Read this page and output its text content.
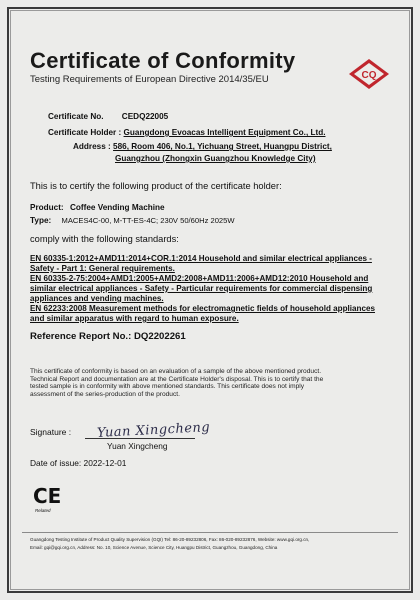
Certificate of Conformity
Testing Requirements of European Directive 2014/35/EU	CQ
Certificate No. CEDQ22005
Certificate Holder : Guangdong Evoacas Intelligent Equipment Co., Ltd.
Address : 586, Room 406, No.1, Yichuang Street, Huangpu District,
Guangzhou (Zhongxin Guangzhou Knowledge City)
This is to certify the following product of the certificate holder:
Product: Coffee Vending Machine
Type: MACES4C-00, M-TT-ES-4C; 230V 50/60Hz 2025W
comply with the following standards:
EN 60335-1:2012+AMD11:2014+COR.1:2014 Household and similar electrical appliances - Safety - Part 1: General requirements.
EN 60335-2-75:2004+AMD1:2005+AMD2:2008+AMD11:2006+AMD12:2010 Household and similar electrical appliances - Safety - Particular requirements for commercial dispensing appliances and vending machines.
EN 62233:2008 Measurement methods for electromagnetic fields of household appliances and similar apparatus with regard to human exposure.
Reference Report No.: DQ2202261
This certificate of conformity is based on an evaluation of a sample of the above mentioned product.
Technical Report and documentation are at the Certificate Holder's disposal. This is to certify that the
tested sample is in conformity with above mentioned standards. This certificate does not imply
assessment of the series-production of the product.
Signature : Yuan Xingcheng
Yuan Xingcheng
Date of issue: 2022-12-01
CE
Related
Guangdong Testing Institute of Product Quality Supervision (GQI) Tel: 86-20-89232806, Fax: 86-020-89232876, Website: www.gqi.org.cn,
Email: gqi@gqi.org.cn, Address: No. 10, Science Avenue, Science City, Huangpu District, Guangzhou, Guangdong, China
